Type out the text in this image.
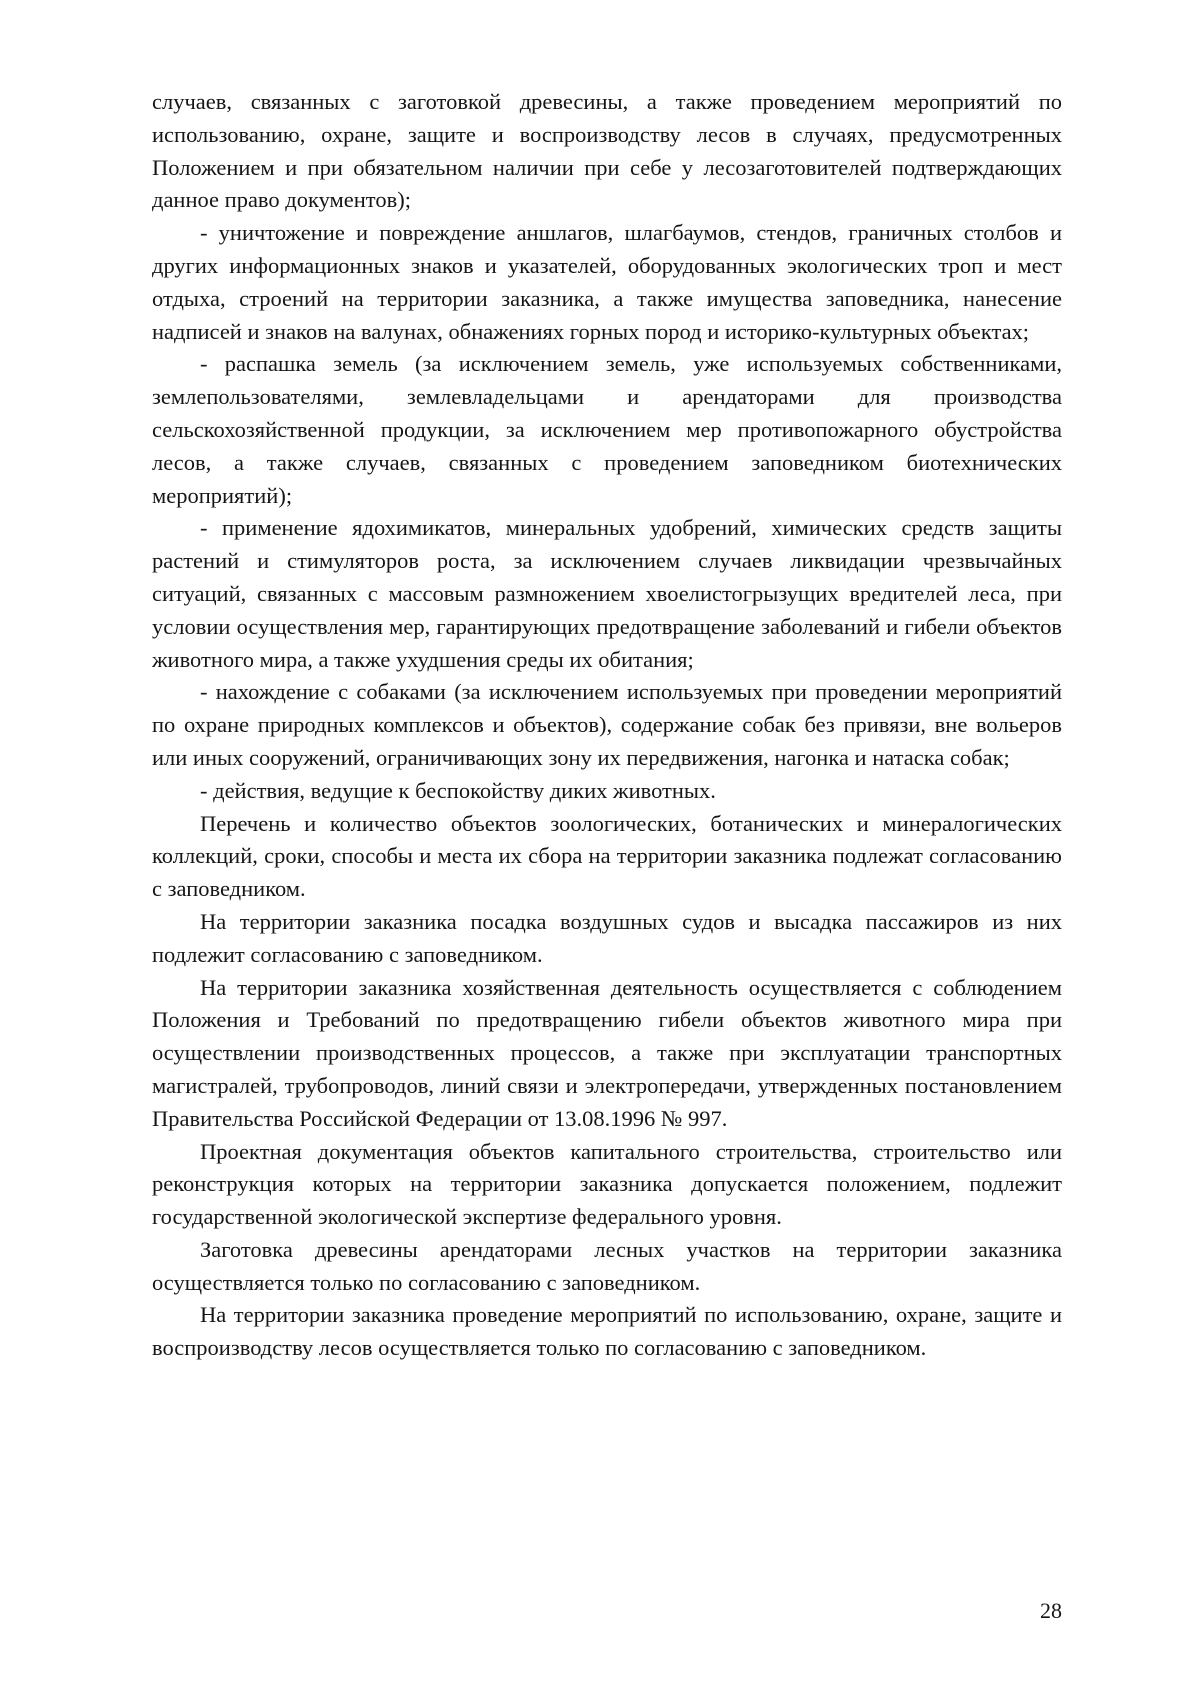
случаев, связанных с заготовкой древесины, а также проведением мероприятий по использованию, охране, защите и воспроизводству лесов в случаях, предусмотренных Положением и при обязательном наличии при себе у лесозаготовителей подтверждающих данное право документов);

- уничтожение и повреждение аншлагов, шлагбаумов, стендов, граничных столбов и других информационных знаков и указателей, оборудованных экологических троп и мест отдыха, строений на территории заказника, а также имущества заповедника, нанесение надписей и знаков на валунах, обнажениях горных пород и историко-культурных объектах;

- распашка земель (за исключением земель, уже используемых собственниками, землепользователями, землевладельцами и арендаторами для производства сельскохозяйственной продукции, за исключением мер противопожарного обустройства лесов, а также случаев, связанных с проведением заповедником биотехнических мероприятий);

- применение ядохимикатов, минеральных удобрений, химических средств защиты растений и стимуляторов роста, за исключением случаев ликвидации чрезвычайных ситуаций, связанных с массовым размножением хвоелистогрызущих вредителей леса, при условии осуществления мер, гарантирующих предотвращение заболеваний и гибели объектов животного мира, а также ухудшения среды их обитания;

- нахождение с собаками (за исключением используемых при проведении мероприятий по охране природных комплексов и объектов), содержание собак без привязи, вне вольеров или иных сооружений, ограничивающих зону их передвижения, нагонка и натаска собак;

- действия, ведущие к беспокойству диких животных.

Перечень и количество объектов зоологических, ботанических и минералогических коллекций, сроки, способы и места их сбора на территории заказника подлежат согласованию с заповедником.

На территории заказника посадка воздушных судов и высадка пассажиров из них подлежит согласованию с заповедником.

На территории заказника хозяйственная деятельность осуществляется с соблюдением Положения и Требований по предотвращению гибели объектов животного мира при осуществлении производственных процессов, а также при эксплуатации транспортных магистралей, трубопроводов, линий связи и электропередачи, утвержденных постановлением Правительства Российской Федерации от 13.08.1996 № 997.

Проектная документация объектов капитального строительства, строительство или реконструкция которых на территории заказника допускается положением, подлежит государственной экологической экспертизе федерального уровня.

Заготовка древесины арендаторами лесных участков на территории заказника осуществляется только по согласованию с заповедником.

На территории заказника проведение мероприятий по использованию, охране, защите и воспроизводству лесов осуществляется только по согласованию с заповедником.

28
